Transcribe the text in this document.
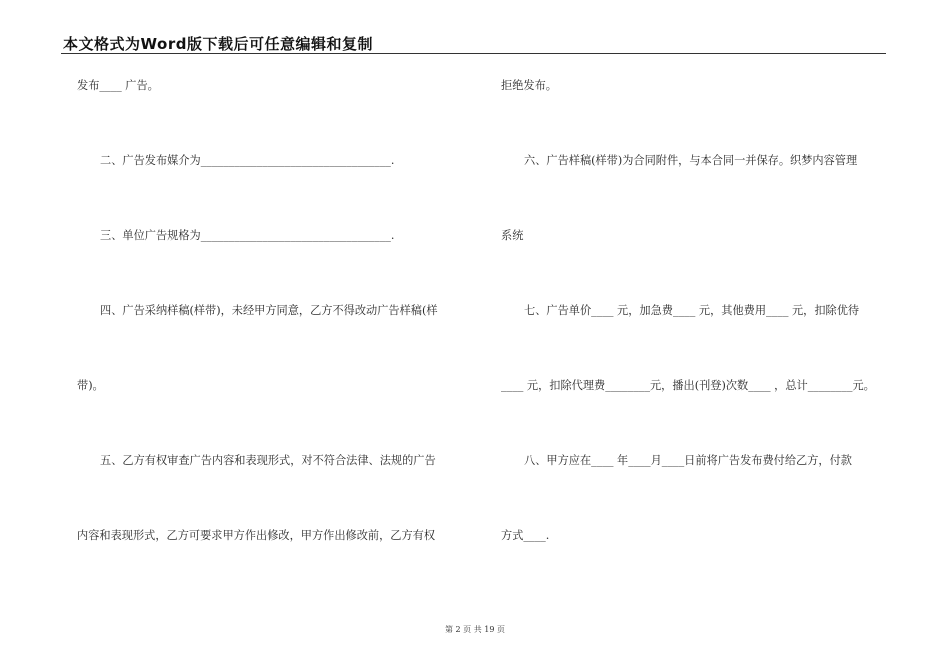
本文格式为Word版下载后可任意编辑和复制
发布____ 广告。
二、广告发布媒介为__________________________________.
三、单位广告规格为__________________________________.
四、广告采纳样稿(样带)，未经甲方同意，乙方不得改动广告样稿(样
带)。
五、乙方有权审查广告内容和表现形式，对不符合法律、法规的广告
内容和表现形式，乙方可要求甲方作出修改，甲方作出修改前，乙方有权
拒绝发布。
六、广告样稿(样带)为合同附件，与本合同一并保存。织梦内容管理
系统
七、广告单价____ 元，加急费____ 元，其他费用____ 元，扣除优待
____ 元，扣除代理费________元，播出(刊登)次数____ ，总计________元。
八、甲方应在____ 年____月____日前将广告发布费付给乙方，付款
方式____.
第 2 页 共 19 页
